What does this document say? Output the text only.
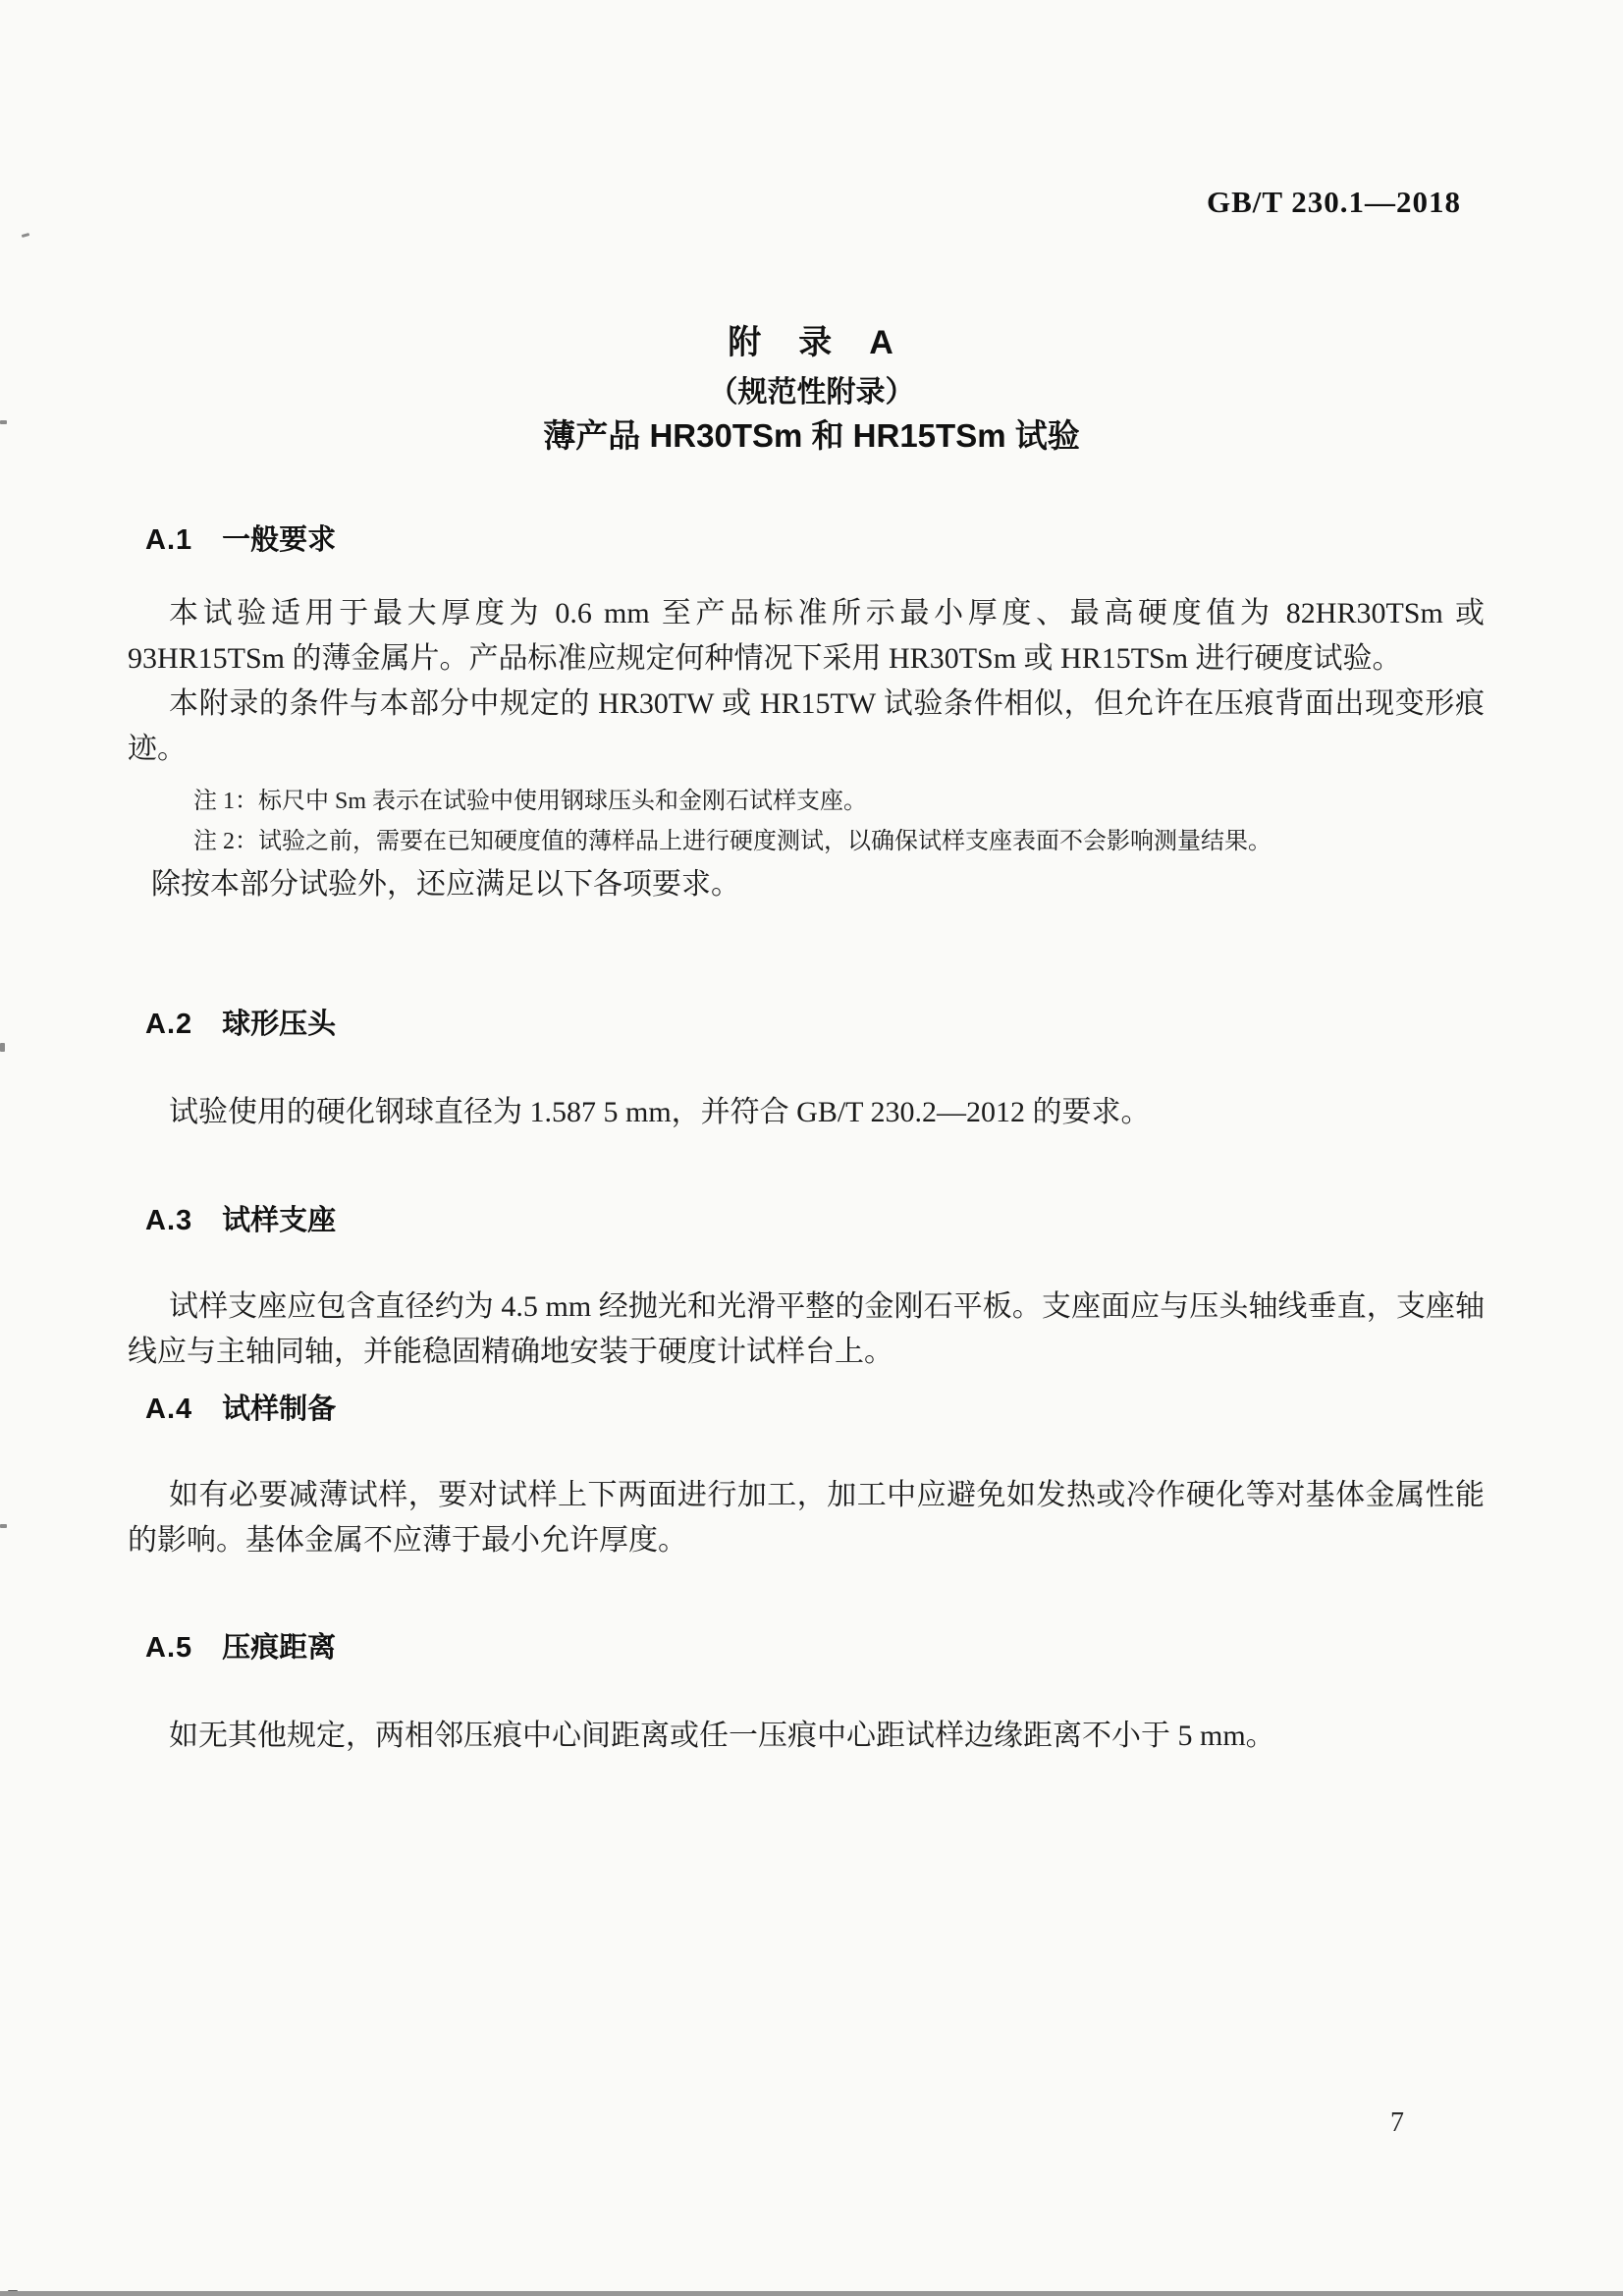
GB/T 230.1—2018
附　录　A
（规范性附录）
薄产品 HR30TSm 和 HR15TSm 试验
A.1 一般要求

本试验适用于最大厚度为 0.6 mm 至产品标准所示最小厚度、最高硬度值为 82HR30TSm 或 93HR15TSm 的薄金属片。产品标准应规定何种情况下采用 HR30TSm 或 HR15TSm 进行硬度试验。

本附录的条件与本部分中规定的 HR30TW 或 HR15TW 试验条件相似，但允许在压痕背面出现变形痕迹。

注 1：标尺中 Sm 表示在试验中使用钢球压头和金刚石试样支座。

注 2：试验之前，需要在已知硬度值的薄样品上进行硬度测试，以确保试样支座表面不会影响测量结果。

除按本部分试验外，还应满足以下各项要求。

A.2 球形压头

试验使用的硬化钢球直径为 1.587 5 mm，并符合 GB/T 230.2—2012 的要求。

A.3 试样支座

试样支座应包含直径约为 4.5 mm 经抛光和光滑平整的金刚石平板。支座面应与压头轴线垂直，支座轴线应与主轴同轴，并能稳固精确地安装于硬度计试样台上。

A.4 试样制备

如有必要减薄试样，要对试样上下两面进行加工，加工中应避免如发热或冷作硬化等对基体金属性能的影响。基体金属不应薄于最小允许厚度。

A.5 压痕距离

如无其他规定，两相邻压痕中心间距离或任一压痕中心距试样边缘距离不小于 5 mm。

7
